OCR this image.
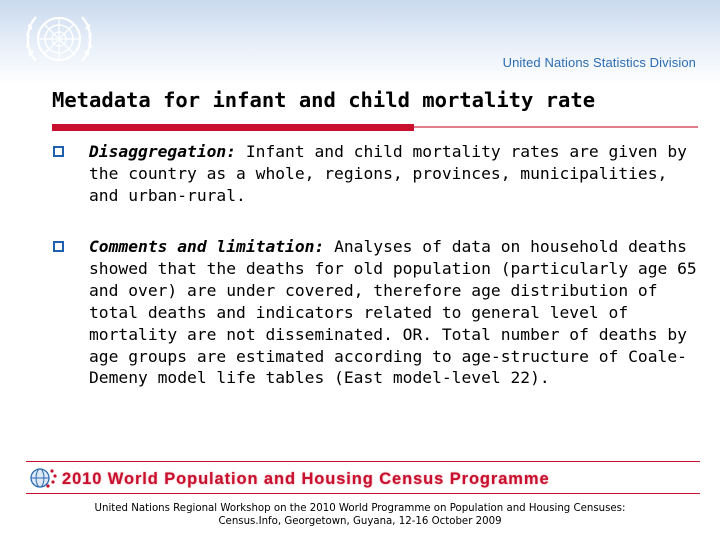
United Nations Statistics Division
Metadata for infant and child mortality rate
Disaggregation: Infant and child mortality rates are given by the country as a whole, regions, provinces, municipalities, and urban-rural.
Comments and limitation: Analyses of data on household deaths showed that the deaths for old population (particularly age 65 and over) are under covered, therefore age distribution of total deaths and indicators related to general level of mortality are not disseminated. OR. Total number of deaths by age groups are estimated according to age-structure of Coale-Demeny model life tables (East model-level 22).
2010 World Population and Housing Census Programme
United Nations Regional Workshop on the 2010 World Programme on Population and Housing Censuses:
Census.Info, Georgetown, Guyana, 12-16 October 2009
